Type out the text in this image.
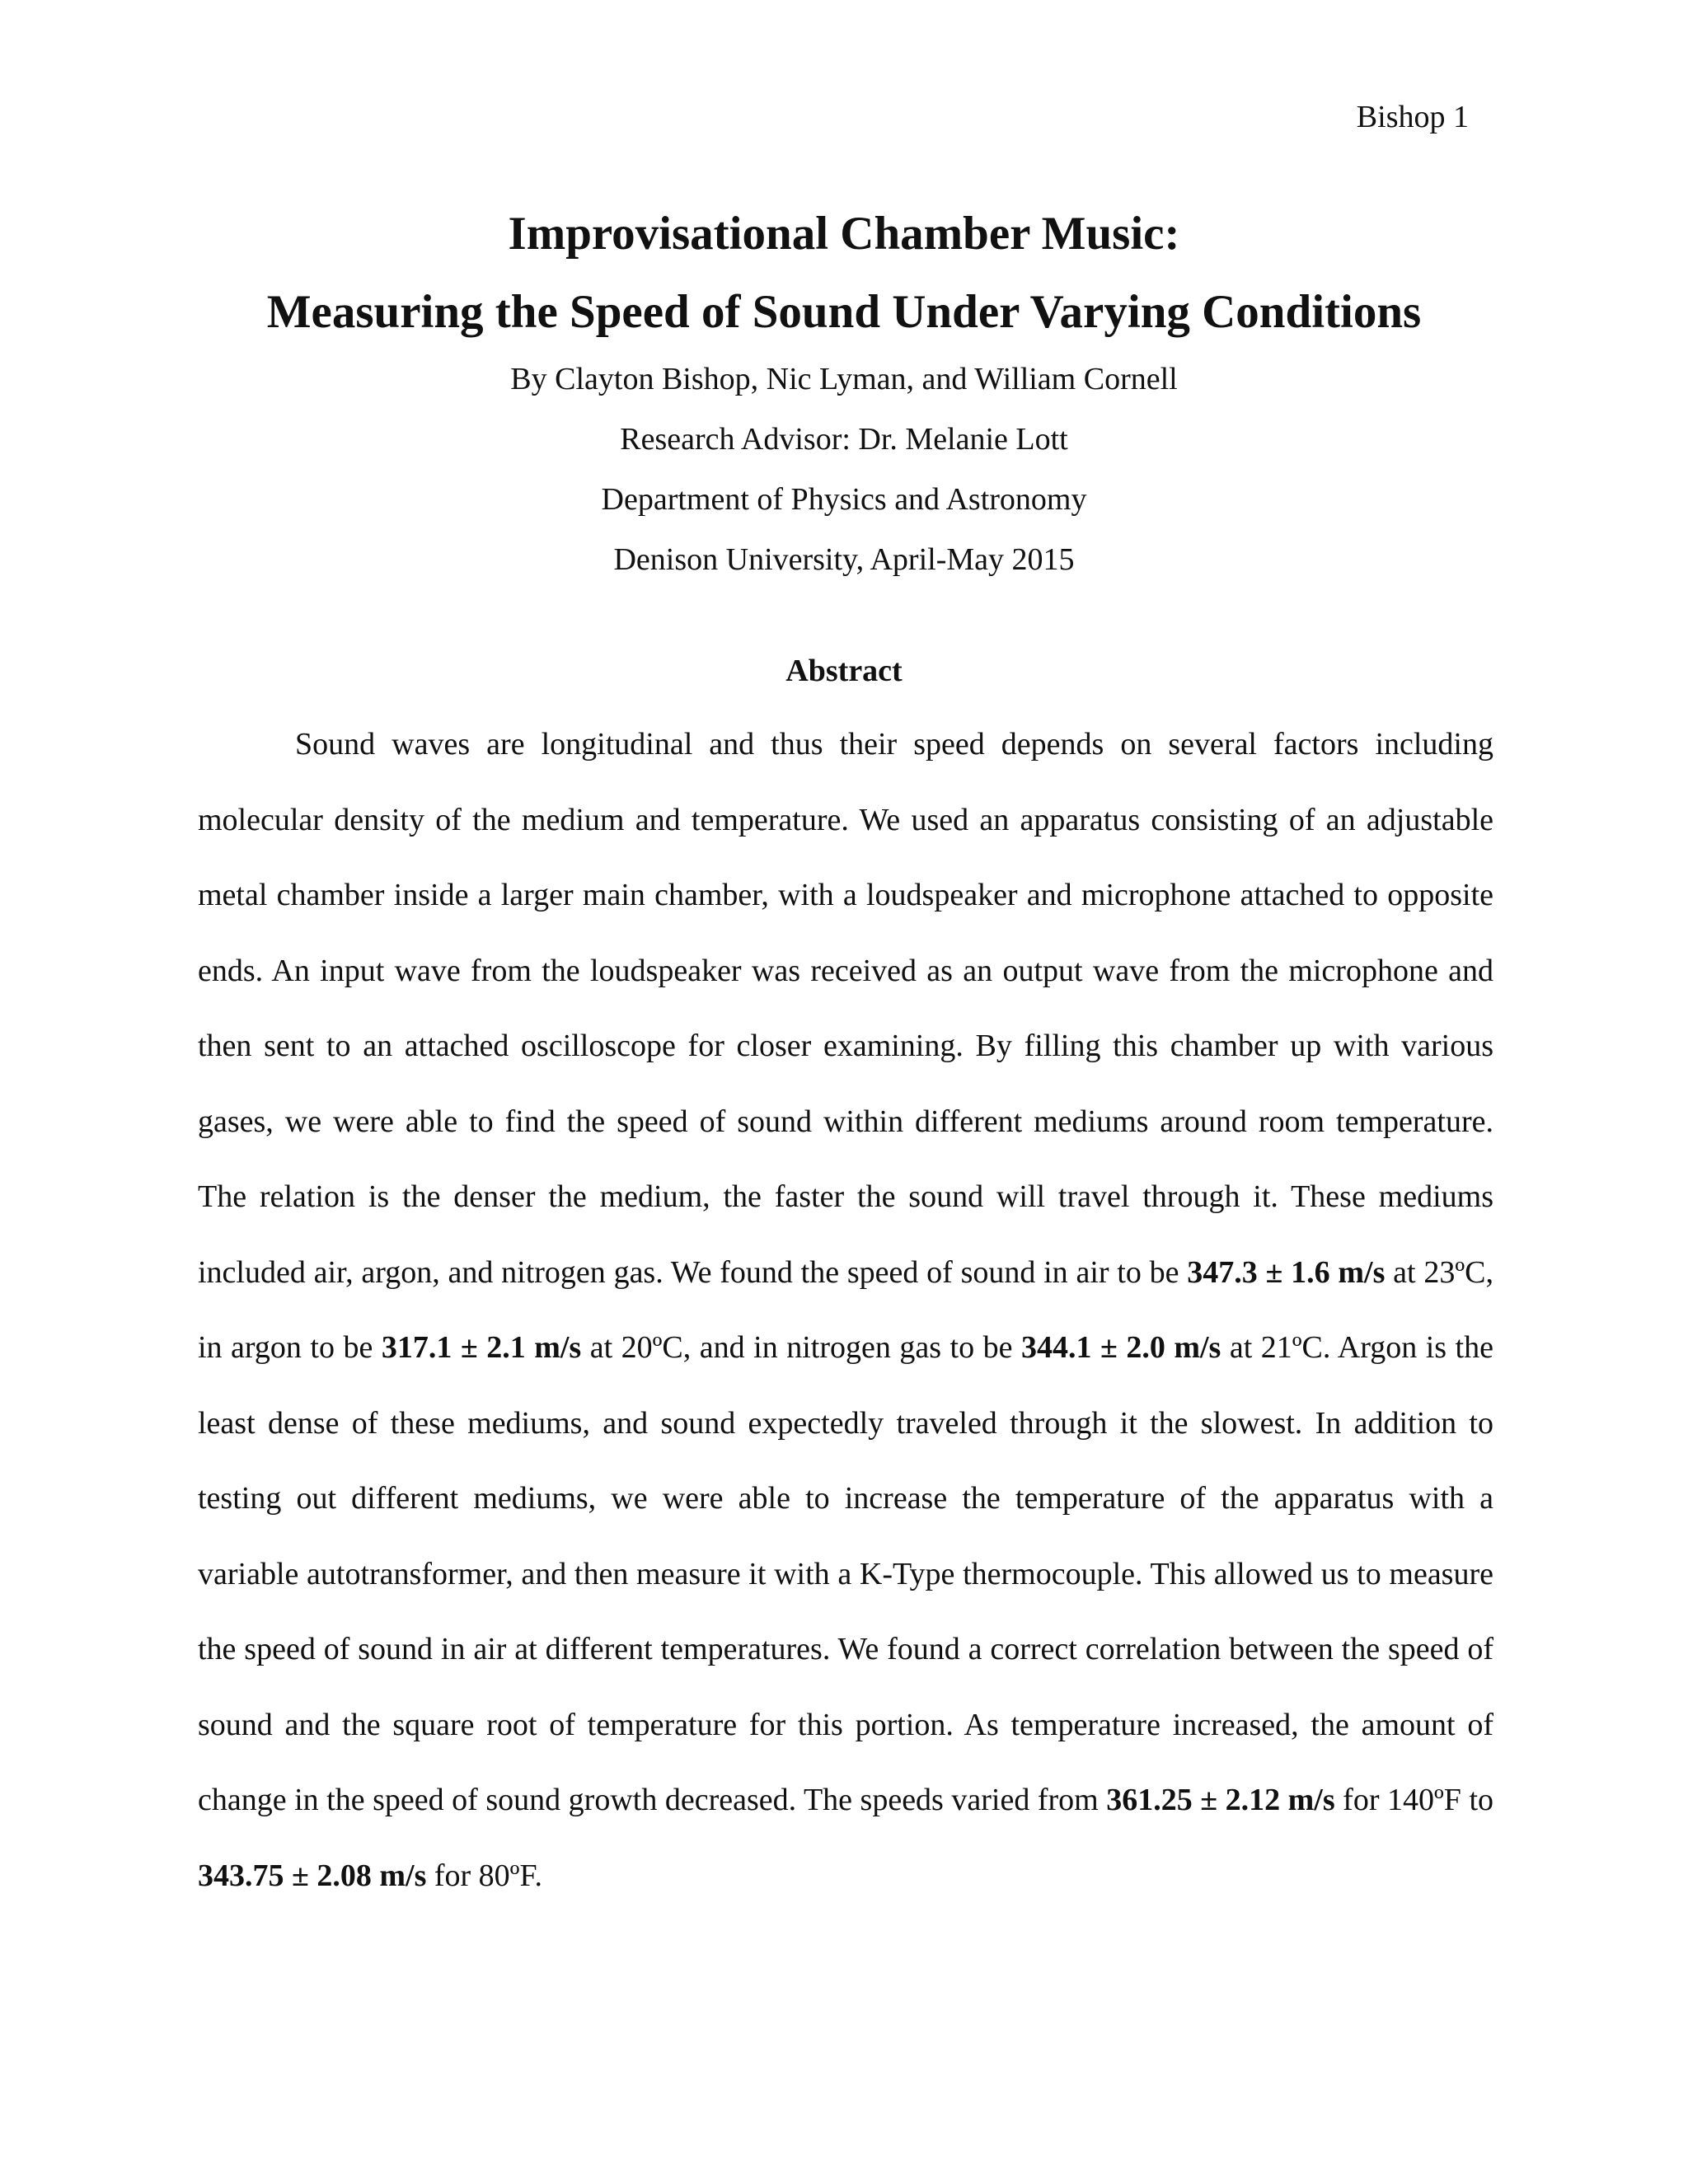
Bishop 1
Improvisational Chamber Music:
Measuring the Speed of Sound Under Varying Conditions

By Clayton Bishop, Nic Lyman, and William Cornell

Research Advisor: Dr. Melanie Lott

Department of Physics and Astronomy

Denison University, April-May 2015

Abstract

Sound waves are longitudinal and thus their speed depends on several factors including molecular density of the medium and temperature. We used an apparatus consisting of an adjustable metal chamber inside a larger main chamber, with a loudspeaker and microphone attached to opposite ends. An input wave from the loudspeaker was received as an output wave from the microphone and then sent to an attached oscilloscope for closer examining. By filling this chamber up with various gases, we were able to find the speed of sound within different mediums around room temperature. The relation is the denser the medium, the faster the sound will travel through it. These mediums included air, argon, and nitrogen gas. We found the speed of sound in air to be 347.3 ± 1.6 m/s at 23ºC, in argon to be 317.1 ± 2.1 m/s at 20ºC, and in nitrogen gas to be 344.1 ± 2.0 m/s at 21ºC. Argon is the least dense of these mediums, and sound expectedly traveled through it the slowest. In addition to testing out different mediums, we were able to increase the temperature of the apparatus with a variable autotransformer, and then measure it with a K-Type thermocouple. This allowed us to measure the speed of sound in air at different temperatures. We found a correct correlation between the speed of sound and the square root of temperature for this portion. As temperature increased, the amount of change in the speed of sound growth decreased. The speeds varied from 361.25 ± 2.12 m/s for 140ºF to 343.75 ± 2.08 m/s for 80ºF.
